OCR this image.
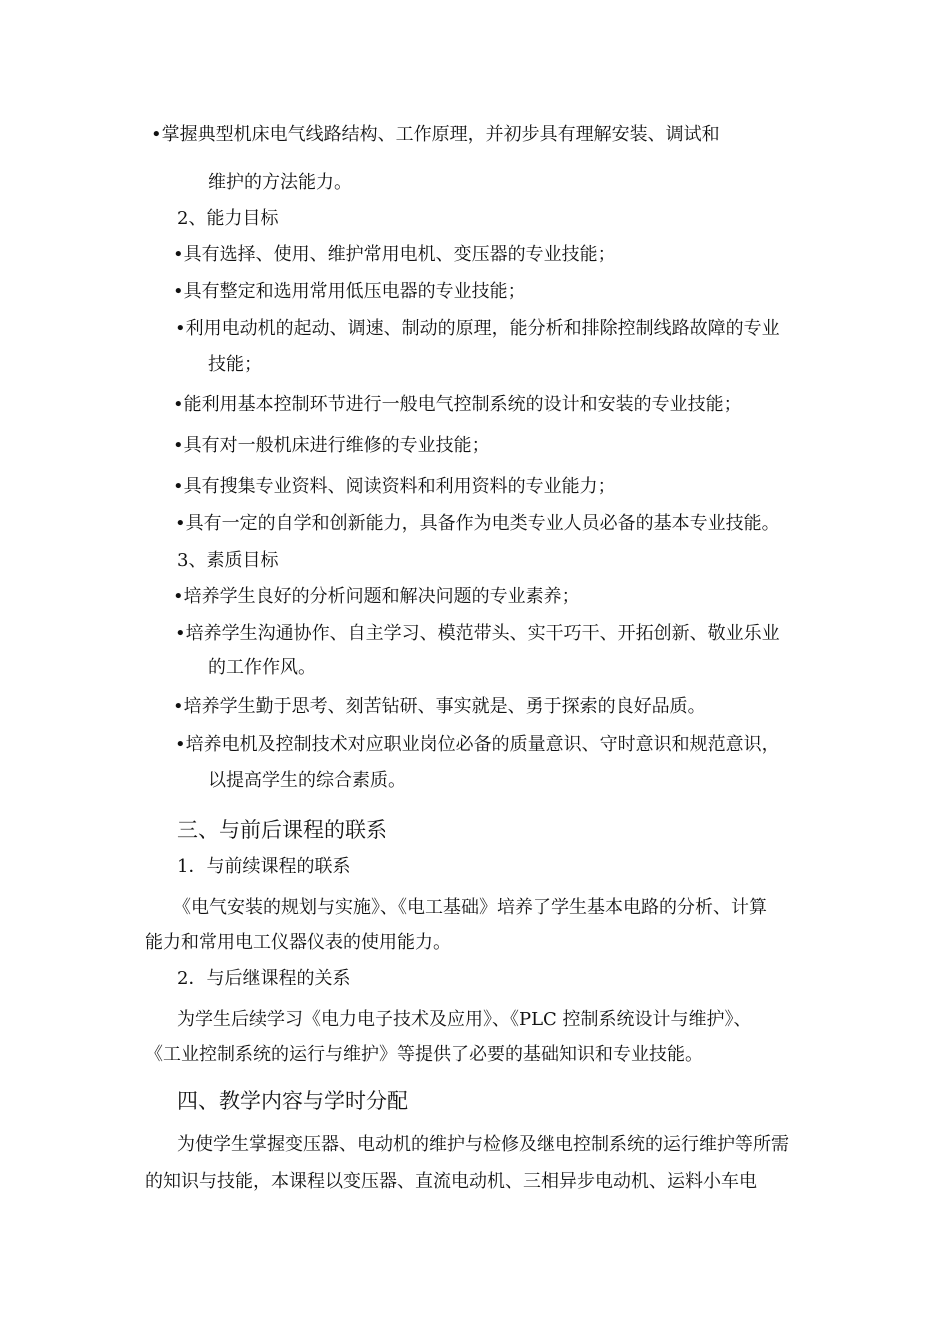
•掌握典型机床电气线路结构、工作原理，并初步具有理解安装、调试和

维护的方法能力。

2、能力目标

•具有选择、使用、维护常用电机、变压器的专业技能；

•具有整定和选用常用低压电器的专业技能；

•利用电动机的起动、调速、制动的原理，能分析和排除控制线路故障的专业

技能；

•能利用基本控制环节进行一般电气控制系统的设计和安装的专业技能；

•具有对一般机床进行维修的专业技能；

•具有搜集专业资料、阅读资料和利用资料的专业能力；

•具有一定的自学和创新能力，具备作为电类专业人员必备的基本专业技能。

3、素质目标

•培养学生良好的分析问题和解决问题的专业素养；

•培养学生沟通协作、自主学习、模范带头、实干巧干、开拓创新、敬业乐业

的工作作风。

•培养学生勤于思考、刻苦钻研、事实就是、勇于探索的良好品质。

•培养电机及控制技术对应职业岗位必备的质量意识、守时意识和规范意识，

以提高学生的综合素质。

三、与前后课程的联系

1．与前续课程的联系

《电气安装的规划与实施》、《电工基础》培养了学生基本电路的分析、计算

能力和常用电工仪器仪表的使用能力。

2．与后继课程的关系

为学生后续学习《电力电子技术及应用》、《PLC 控制系统设计与维护》、

《工业控制系统的运行与维护》等提供了必要的基础知识和专业技能。

四、教学内容与学时分配

为使学生掌握变压器、电动机的维护与检修及继电控制系统的运行维护等所需

的知识与技能，本课程以变压器、直流电动机、三相异步电动机、运料小车电
